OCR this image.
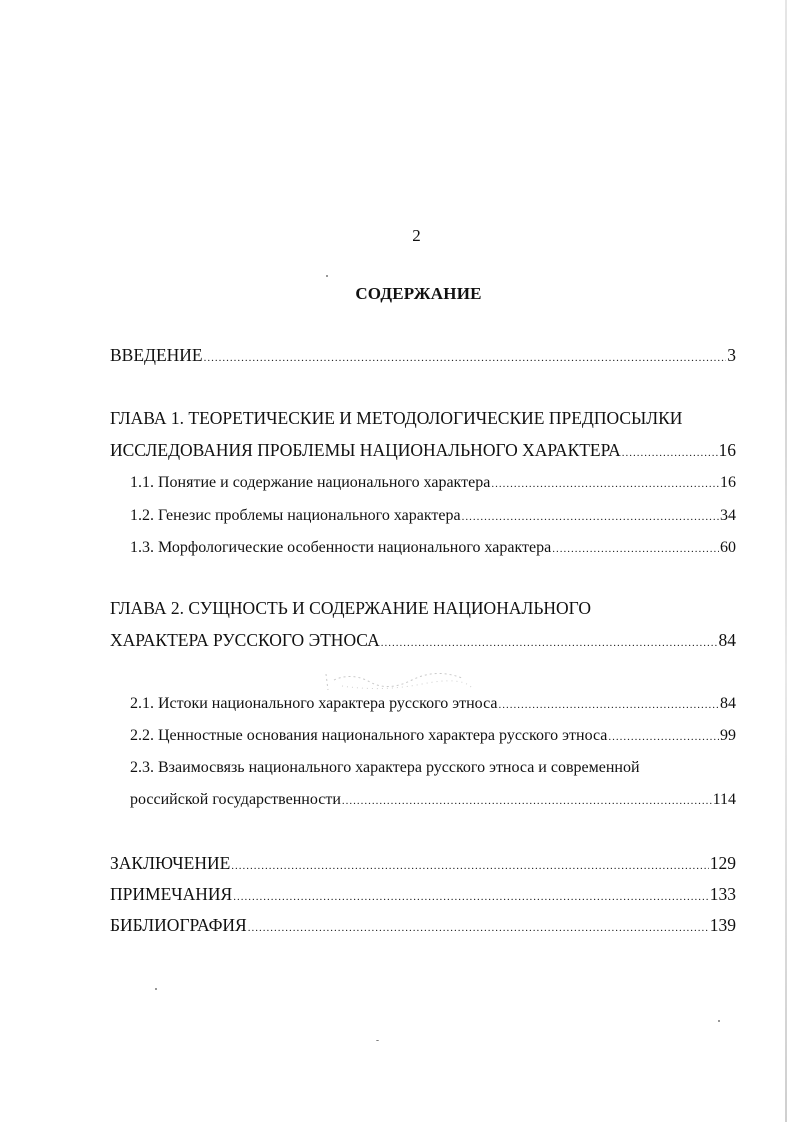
2
СОДЕРЖАНИЕ
ВВЕДЕНИЕ .....	3
ГЛАВА 1. ТЕОРЕТИЧЕСКИЕ И МЕТОДОЛОГИЧЕСКИЕ ПРЕДПОСЫЛКИ
ИССЛЕДОВАНИЯ ПРОБЛЕМЫ НАЦИОНАЛЬНОГО ХАРАКТЕРА .....	16
1.1. Понятие и содержание национального характера .....	16
1.2. Генезис проблемы национального характера .....	34
1.3. Морфологические особенности национального характера .....	60
ГЛАВА 2. СУЩНОСТЬ И СОДЕРЖАНИЕ НАЦИОНАЛЬНОГО
ХАРАКТЕРА РУССКОГО ЭТНОСА .....	84
2.1. Истоки национального характера русского этноса .....	84
2.2. Ценностные основания национального характера русского этноса .....	99
2.3. Взаимосвязь национального характера русского этноса и современной
российской государственности .....	114
ЗАКЛЮЧЕНИЕ .....	129
ПРИМЕЧАНИЯ .....	133
БИБЛИОГРАФИЯ .....	139
